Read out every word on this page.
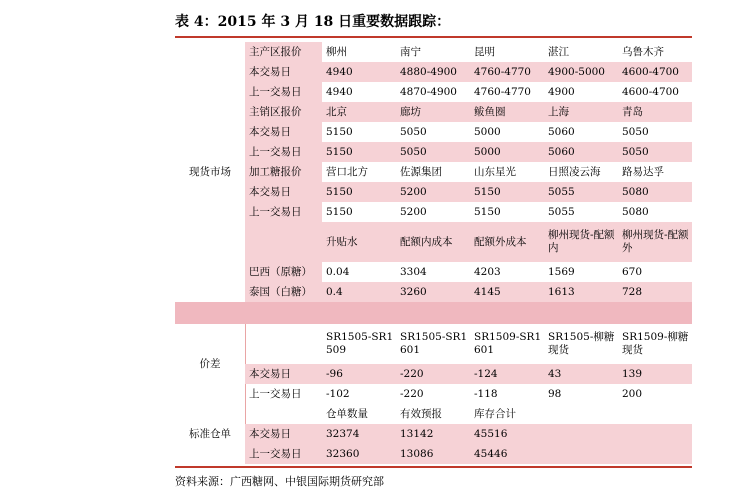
表 4：2015 年 3 月 18 日重要数据跟踪：
现货市场	主产区报价	柳州	南宁	昆明	湛江	乌鲁木齐
	本交易日	4940	4880-4900	4760-4770	4900-5000	4600-4700
	上一交易日	4940	4870-4900	4760-4770	4900	4600-4700
	主销区报价	北京	廊坊	鲅鱼圈	上海	青岛
	本交易日	5150	5050	5000	5060	5050
	上一交易日	5150	5050	5000	5060	5050
	加工糖报价	营口北方	佐源集团	山东星光	日照凌云海	路易达孚
	本交易日	5150	5200	5150	5055	5080
	上一交易日	5150	5200	5150	5055	5080
		升贴水	配额内成本	配额外成本	柳州现货-配额内	柳州现货-配额外
	巴西（原糖）	0.04	3304	4203	1569	670
	泰国（白糖）	0.4	3260	4145	1613	728

价差		SR1505-SR1509	SR1505-SR1601	SR1509-SR1601	SR1505-柳糖现货	SR1509-柳糖现货
	本交易日	-96	-220	-124	43	139
	上一交易日	-102	-220	-118	98	200
标准仓单		仓单数量	有效预报	库存合计		
	本交易日	32374	13142	45516		
	上一交易日	32360	13086	45446		
资料来源：广西糖网、中银国际期货研究部
